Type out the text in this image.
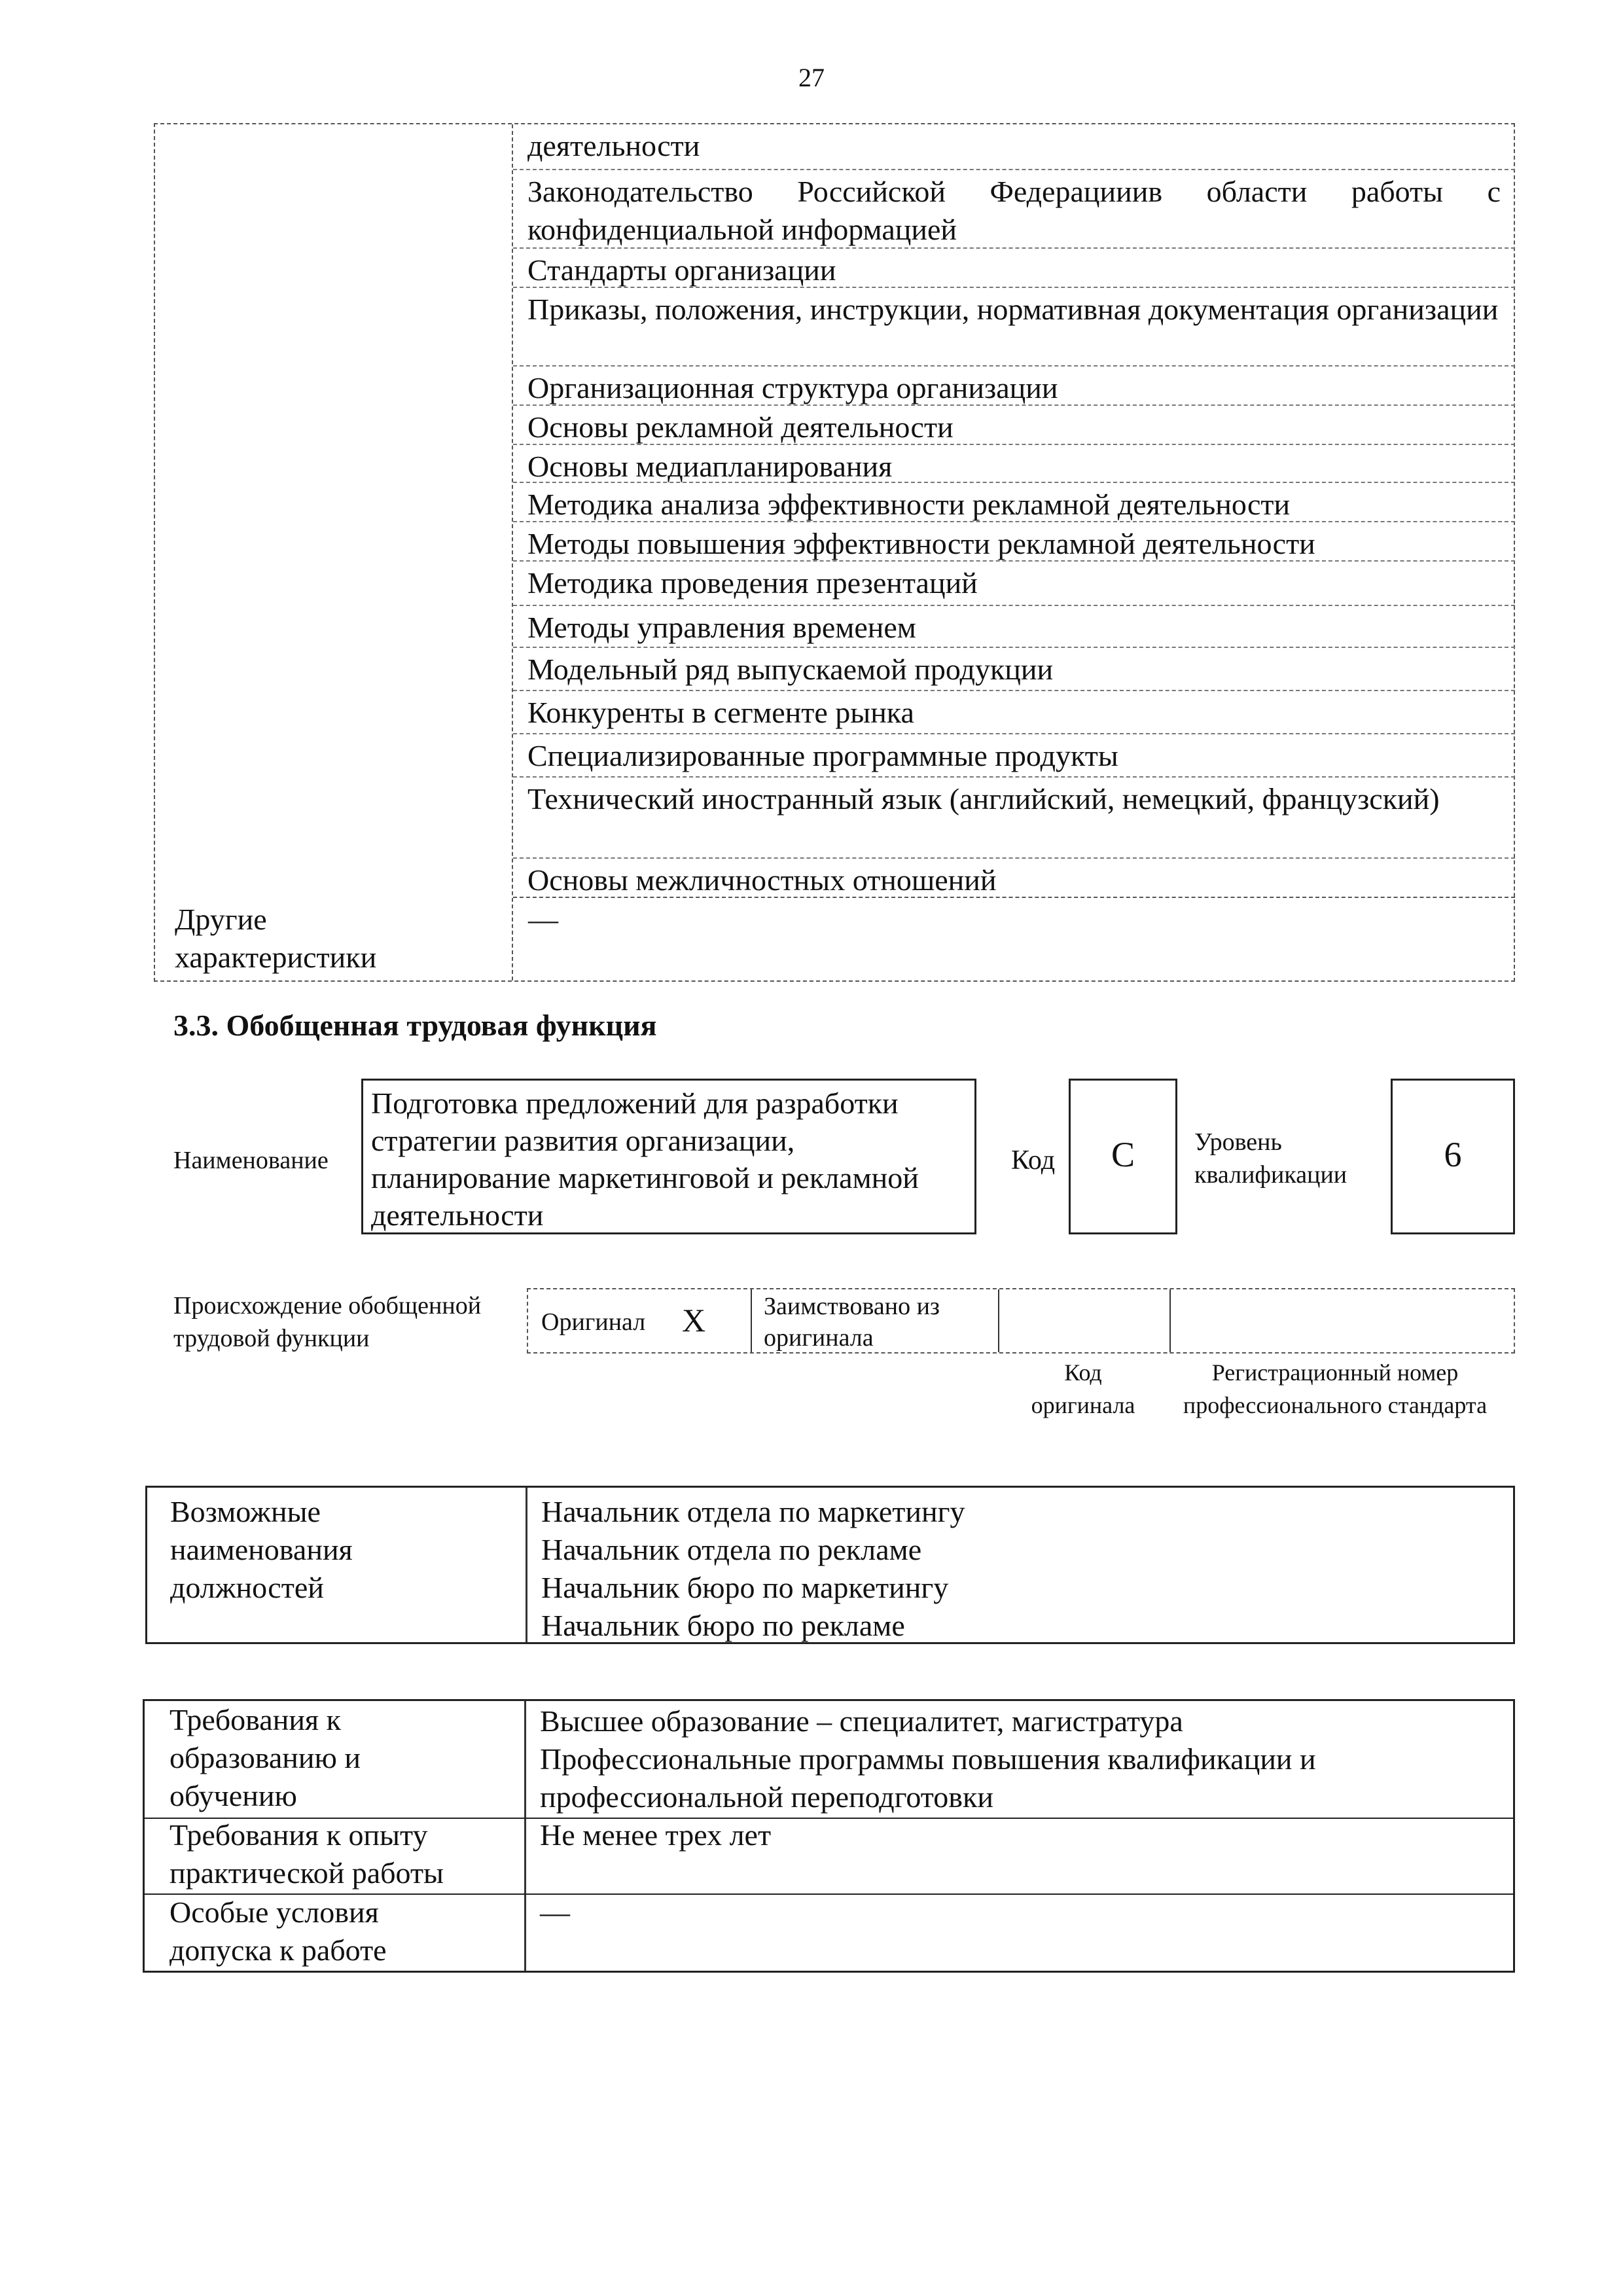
27
деятельности
Законодательство Российской Федерацииив области работы с конфиденциальной информацией
Стандарты организации
Приказы, положения, инструкции, нормативная документация организации
Организационная структура организации
Основы рекламной деятельности
Основы медиапланирования
Методика анализа эффективности рекламной деятельности
Методы повышения эффективности рекламной деятельности
Методика проведения презентаций
Методы управления временем
Модельный ряд выпускаемой продукции
Конкуренты в сегменте рынка
Специализированные программные продукты
Технический иностранный язык (английский, немецкий, французский)
Основы межличностных отношений
Другие характеристики
—
3.3. Обобщенная трудовая функция
Наименование
Подготовка предложений для разработки стратегии развития организации, планирование маркетинговой и рекламной деятельности
Код	C	Уровень квалификации
6
Происхождение обобщенной трудовой функции
Оригинал X Заимствовано из оригинала
Код оригинала
Регистрационный номер профессионального стандарта
Возможные наименования должностей
Начальник отдела по маркетингу
Начальник отдела по рекламе
Начальник бюро по маркетингу
Начальник бюро по рекламе
Требования к образованию и обучению
Высшее образование – специалитет, магистратура
Профессиональные программы повышения квалификации и
профессиональной переподготовки
Требования к опыту практической работы
Не менее трех лет
Особые условия допуска к работе
—
